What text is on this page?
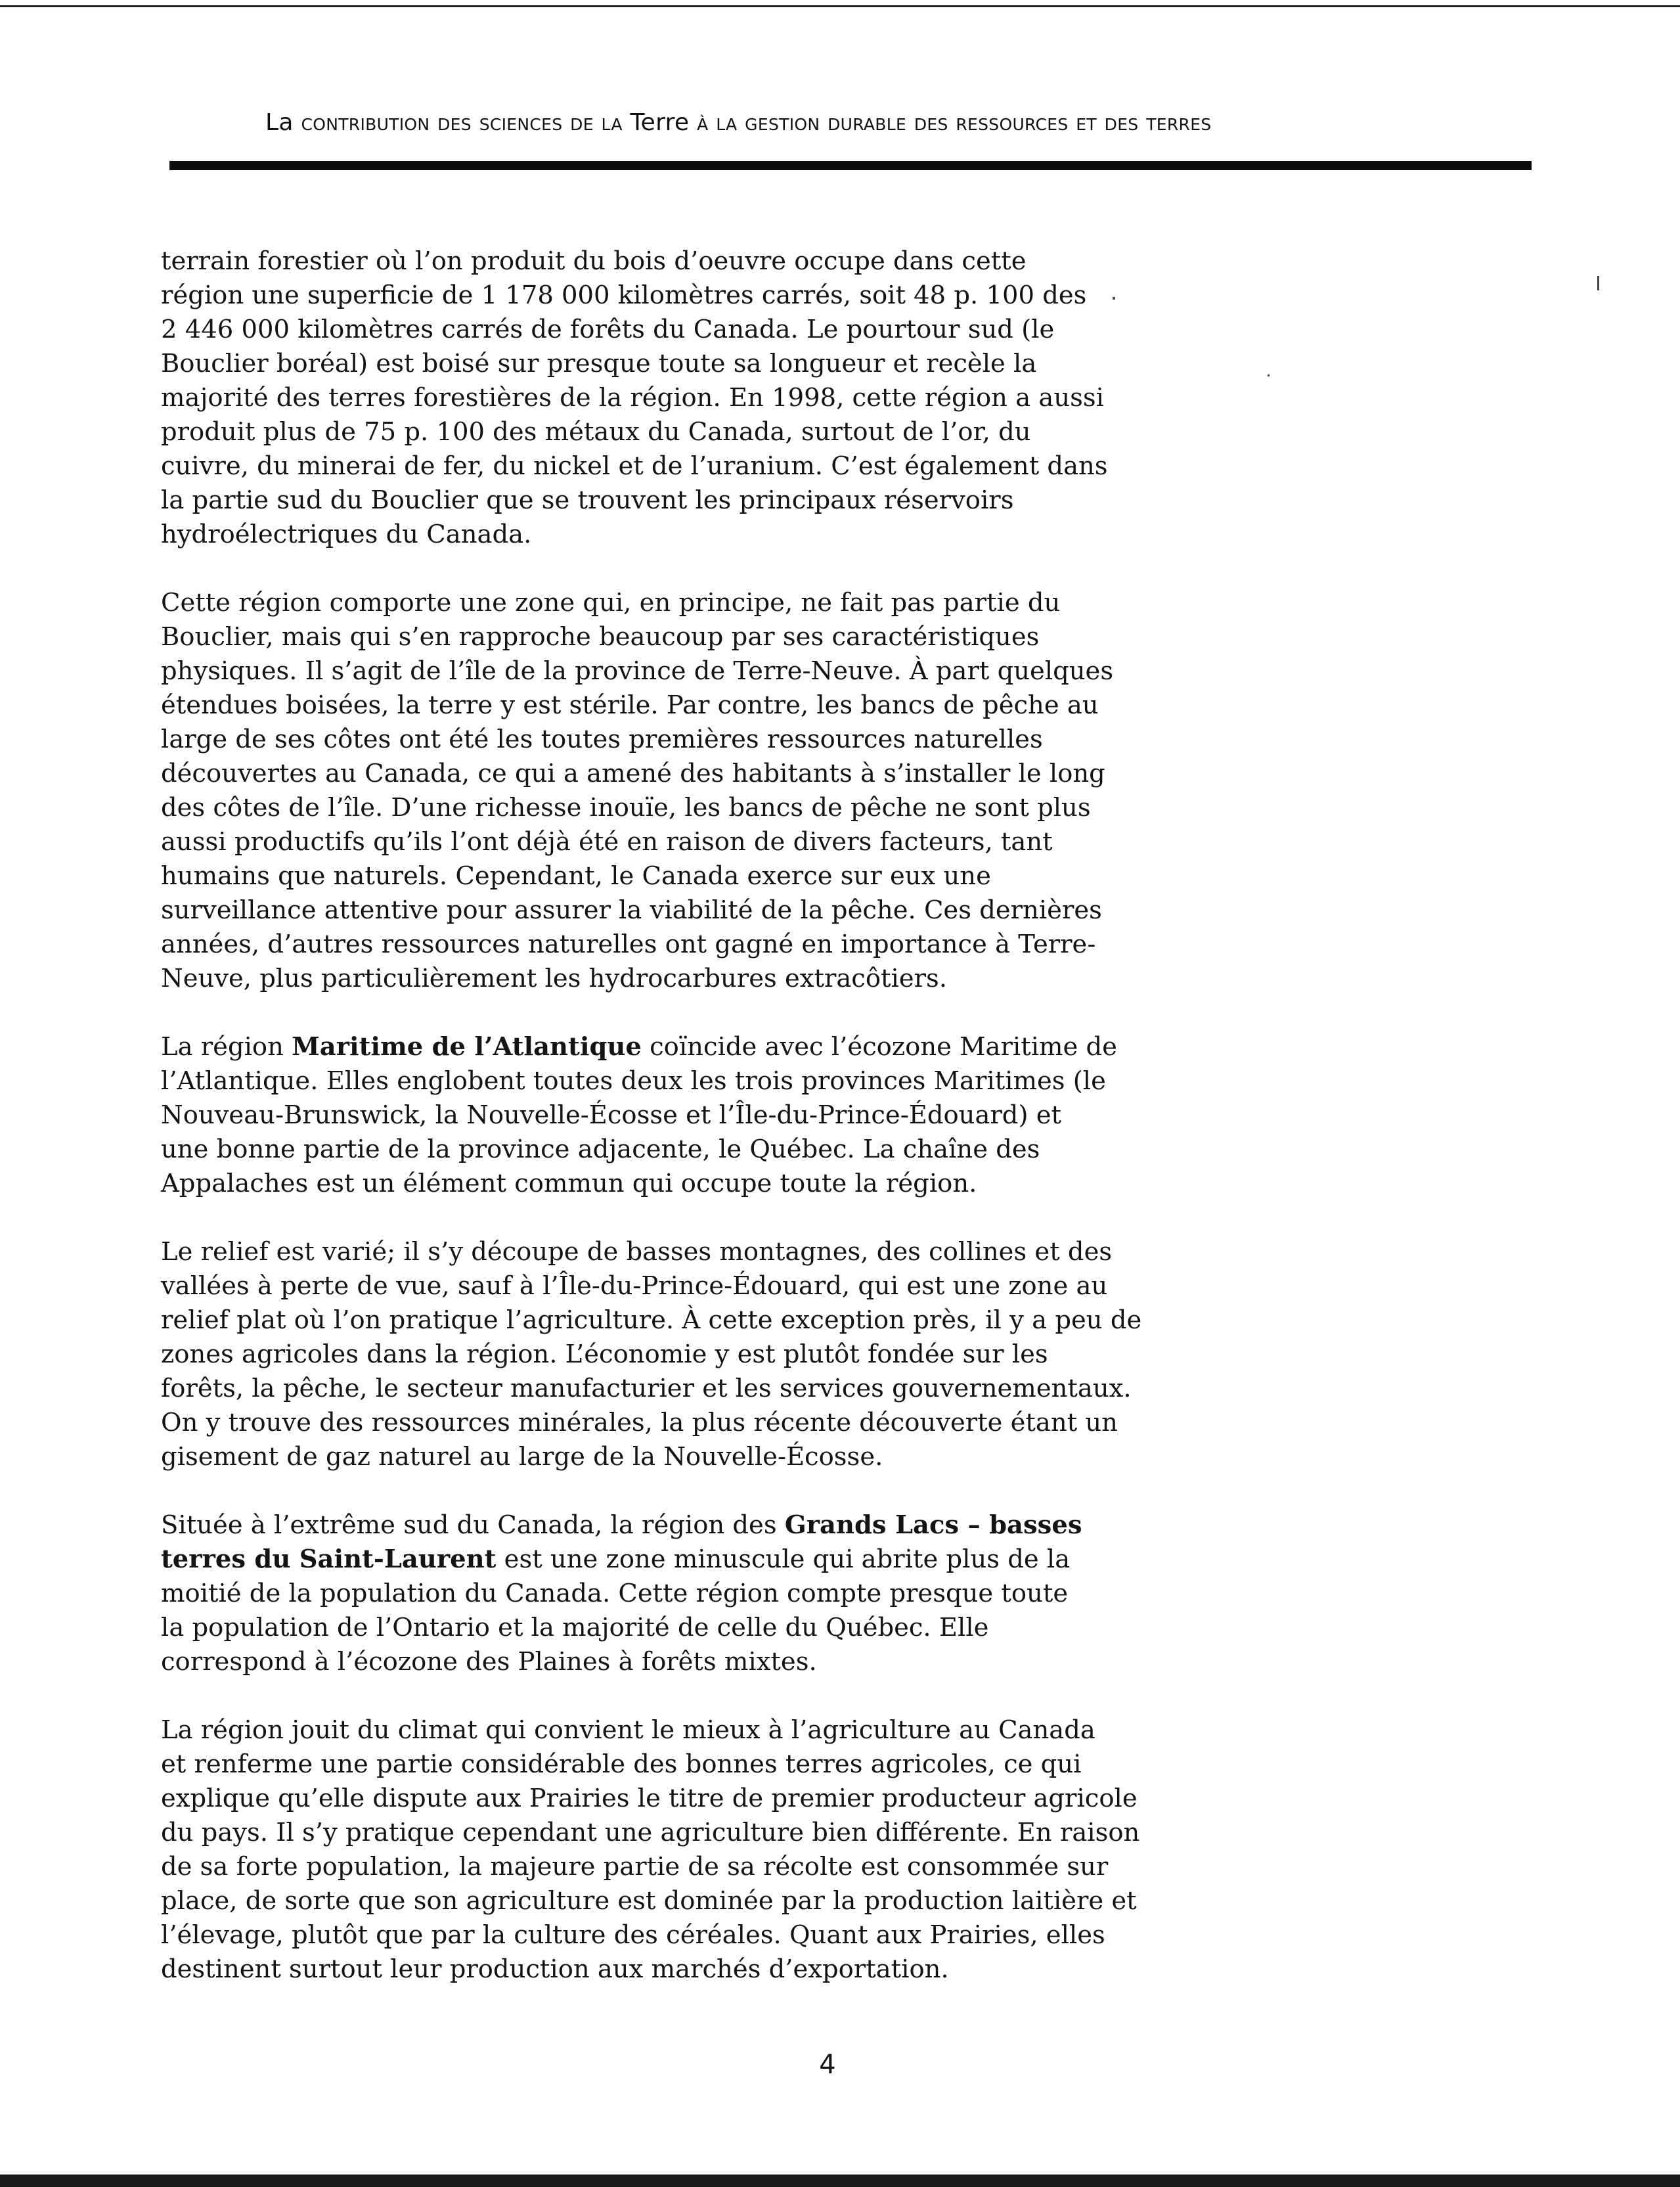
La contribution des sciences de la Terre à la gestion durable des ressources et des terres

terrain forestier où l’on produit du bois d’oeuvre occupe dans cette
région une superficie de 1 178 000 kilomètres carrés, soit 48 p. 100 des
2 446 000 kilomètres carrés de forêts du Canada. Le pourtour sud (le
Bouclier boréal) est boisé sur presque toute sa longueur et recèle la
majorité des terres forestières de la région. En 1998, cette région a aussi
produit plus de 75 p. 100 des métaux du Canada, surtout de l’or, du
cuivre, du minerai de fer, du nickel et de l’uranium. C’est également dans
la partie sud du Bouclier que se trouvent les principaux réservoirs
hydroélectriques du Canada.

Cette région comporte une zone qui, en principe, ne fait pas partie du
Bouclier, mais qui s’en rapproche beaucoup par ses caractéristiques
physiques. Il s’agit de l’île de la province de Terre-Neuve. À part quelques
étendues boisées, la terre y est stérile. Par contre, les bancs de pêche au
large de ses côtes ont été les toutes premières ressources naturelles
découvertes au Canada, ce qui a amené des habitants à s’installer le long
des côtes de l’île. D’une richesse inouïe, les bancs de pêche ne sont plus
aussi productifs qu’ils l’ont déjà été en raison de divers facteurs, tant
humains que naturels. Cependant, le Canada exerce sur eux une
surveillance attentive pour assurer la viabilité de la pêche. Ces dernières
années, d’autres ressources naturelles ont gagné en importance à Terre-
Neuve, plus particulièrement les hydrocarbures extracôtiers.

La région Maritime de l’Atlantique coïncide avec l’écozone Maritime de
l’Atlantique. Elles englobent toutes deux les trois provinces Maritimes (le
Nouveau-Brunswick, la Nouvelle-Écosse et l’Île-du-Prince-Édouard) et
une bonne partie de la province adjacente, le Québec. La chaîne des
Appalaches est un élément commun qui occupe toute la région.

Le relief est varié; il s’y découpe de basses montagnes, des collines et des
vallées à perte de vue, sauf à l’Île-du-Prince-Édouard, qui est une zone au
relief plat où l’on pratique l’agriculture. À cette exception près, il y a peu de
zones agricoles dans la région. L’économie y est plutôt fondée sur les
forêts, la pêche, le secteur manufacturier et les services gouvernementaux.
On y trouve des ressources minérales, la plus récente découverte étant un
gisement de gaz naturel au large de la Nouvelle-Écosse.

Située à l’extrême sud du Canada, la région des Grands Lacs – basses
terres du Saint-Laurent est une zone minuscule qui abrite plus de la
moitié de la population du Canada. Cette région compte presque toute
la population de l’Ontario et la majorité de celle du Québec. Elle
correspond à l’écozone des Plaines à forêts mixtes.

La région jouit du climat qui convient le mieux à l’agriculture au Canada
et renferme une partie considérable des bonnes terres agricoles, ce qui
explique qu’elle dispute aux Prairies le titre de premier producteur agricole
du pays. Il s’y pratique cependant une agriculture bien différente. En raison
de sa forte population, la majeure partie de sa récolte est consommée sur
place, de sorte que son agriculture est dominée par la production laitière et
l’élevage, plutôt que par la culture des céréales. Quant aux Prairies, elles
destinent surtout leur production aux marchés d’exportation.

4
